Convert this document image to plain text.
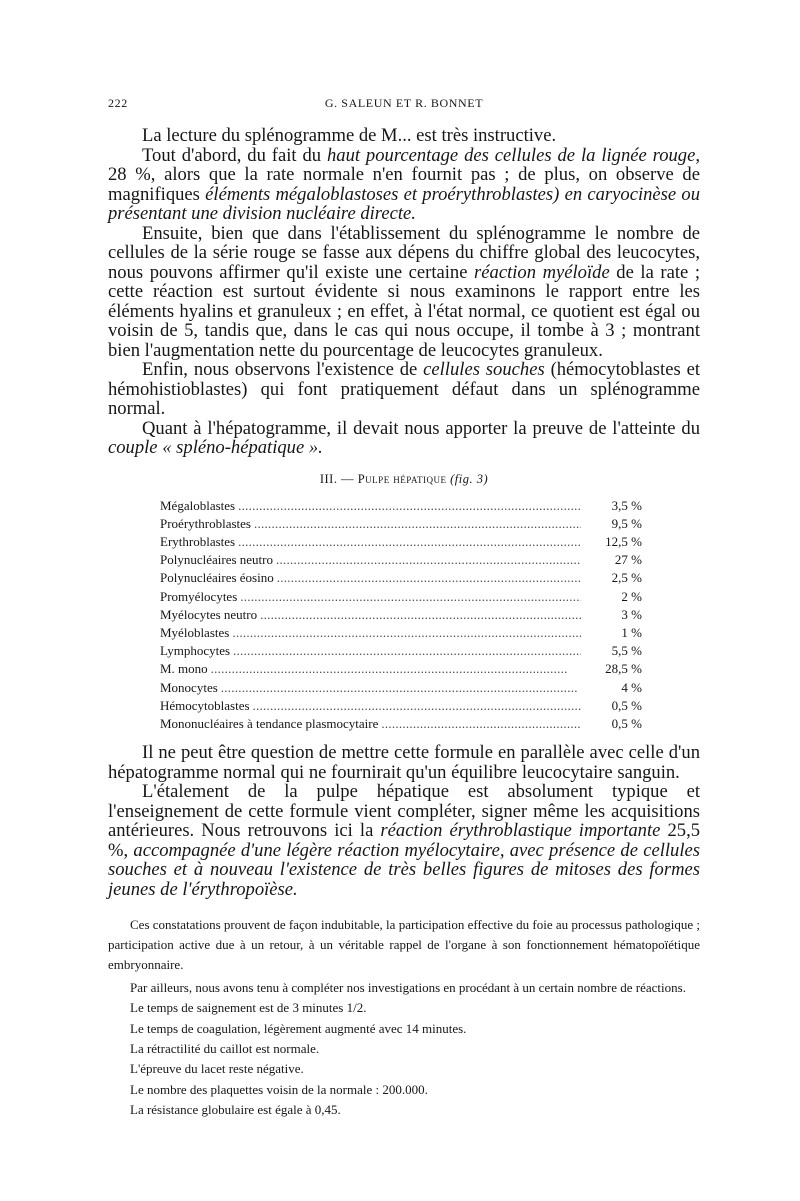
222	G. SALEUN ET R. BONNET

La lecture du splénogramme de M... est très instructive.

Tout d'abord, du fait du haut pourcentage des cellules de la lignée rouge, 28 %, alors que la rate normale n'en fournit pas ; de plus, on observe de magnifiques éléments mégaloblastoses et proérythroblastes) en caryocinèse ou présentant une division nucléaire directe.

Ensuite, bien que dans l'établissement du splénogramme le nombre de cellules de la série rouge se fasse aux dépens du chiffre global des leucocytes, nous pouvons affirmer qu'il existe une certaine réaction myéloïde de la rate ; cette réaction est surtout évidente si nous examinons le rapport entre les éléments hyalins et granuleux ; en effet, à l'état normal, ce quotient est égal ou voisin de 5, tandis que, dans le cas qui nous occupe, il tombe à 3 ; montrant bien l'augmentation nette du pourcentage de leucocytes granuleux.

Enfin, nous observons l'existence de cellules souches (hémocytoblastes et hémohistioblastes) qui font pratiquement défaut dans un splénogramme normal.

Quant à l'hépatogramme, il devait nous apporter la preuve de l'atteinte du couple « spléno-hépatique ».

III. — Pulpe hépatique (fig. 3)
Mégaloblastes . . .	3,5 %
Proérythroblastes . . .	9,5 %
Erythroblastes . . .	12,5 %
Polynucléaires neutro . . .	27 %
Polynucléaires éosino . . .	2,5 %
Promyélocytes . . .	2 %
Myélocytes neutro . . .	3 %
Myéloblastes . . .	1 %
Lymphocytes . . .	5,5 %
M. mono . . .	28,5 %
Monocytes . . .	4 %
Hémocytoblastes . . .	0,5 %
Mononucléaires à tendance plasmocytaire . . .	0,5 %

Il ne peut être question de mettre cette formule en parallèle avec celle d'un hépatogramme normal qui ne fournirait qu'un équilibre leucocytaire sanguin.

L'étalement de la pulpe hépatique est absolument typique et l'enseignement de cette formule vient compléter, signer même les acquisitions antérieures. Nous retrouvons ici la réaction érythroblastique importante 25,5 %, accompagnée d'une légère réaction myélocytaire, avec présence de cellules souches et à nouveau l'existence de très belles figures de mitoses des formes jeunes de l'érythropoïèse.

Ces constatations prouvent de façon indubitable, la participation effective du foie au processus pathologique ; participation active due à un retour, à un véritable rappel de l'organe à son fonctionnement hématopoïétique embryonnaire.

Par ailleurs, nous avons tenu à compléter nos investigations en procédant à un certain nombre de réactions.

Le temps de saignement est de 3 minutes 1/2.
Le temps de coagulation, légèrement augmenté avec 14 minutes.
La rétractilité du caillot est normale.
L'épreuve du lacet reste négative.
Le nombre des plaquettes voisin de la normale : 200.000.
La résistance globulaire est égale à 0,45.
